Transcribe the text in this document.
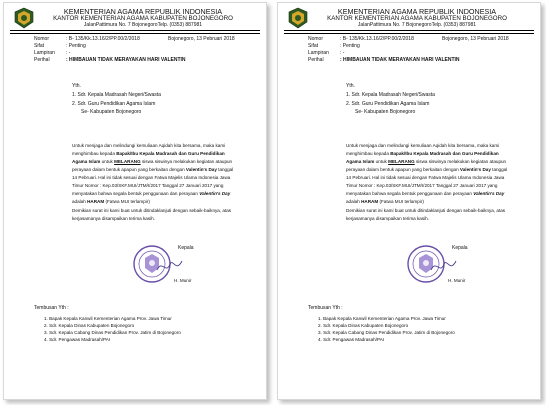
KEMENTERIAN AGAMA REPUBLIK INDONESIA

KANTOR KEMENTERIAN AGAMA KABUPATEN BOJONEGORO

JalanPattimura No. 7 BojonegoroTelp. (0353) 887981

Nomor	: B- 135/Kk.13.16/2/PP.00/2/2018	Bojonegoro, 13 Pebruari 2018

Sifat	: Penting

Lampiran : -

Perihal	: HIMBAUAN TIDAK MERAYAKAN HARI VALENTIN

Yth.

1. Sdr. Kepala Madrasah Negeri/Swasta

2. Sdr. Guru Pendidikan Agama Islam

Se- Kabupaten Bojonegoro

Untuk menjaga dan melindungi kemuliaan Aqidah kita bersama, maka kami

menghimbau kepada Bapak/Ibu Kepala Madrasah dan Guru Pendidikan

Agama Islam untuk MELARANG siswa siswinya melakukan kegiatan ataupun

perayaan dalam bentuk apapun yang berkaitan dengan Valentin's Day tanggal

14 Pebruari. Hal ini tidak sesuai dengan Fatwa Majelis Ulama Indonesia Jawa

Timur Nomor : Kep.03/SKF.MUI/JTM/I/2017 Tanggal 27 Januari 2017 yang

menyatakan bahwa segala bentuk penggunaan dan perayaan Valentin's Day

adalah HARAM (Fatwa MUI terlampir)

Demikian surat ini kami buat untuk ditindaklanjuti dengan sebaik-baiknya, atas

kerjasamanya disampaikan terima kasih.

Kepala

H. Munir

Tembusan Yth :

1. Bapak Kepala Kanwil Kementerian Agama Prov. Jawa Timur

2. Sdr. Kepala Dinas Kabupaten Bojonegoro

3. Sdr. Kepala Cabang Dinas Pendidikan Prov. Jatim di Bojonegoro

4. Sdr. Pengawas Madrasah/PAI

KEMENTERIAN AGAMA REPUBLIK INDONESIA

KANTOR KEMENTERIAN AGAMA KABUPATEN BOJONEGORO

JalanPattimura No. 7 BojonegoroTelp. (0353) 887981

Nomor	: B- 135/Kk.13.16/2/PP.00/2/2018	Bojonegoro, 13 Pebruari 2018

Sifat	: Penting

Lampiran : -

Perihal	: HIMBAUAN TIDAK MERAYAKAN HARI VALENTIN

Yth.

1. Sdr. Kepala Madrasah Negeri/Swasta

2. Sdr. Guru Pendidikan Agama Islam

Se- Kabupaten Bojonegoro

Untuk menjaga dan melindungi kemuliaan Aqidah kita bersama, maka kami

menghimbau kepada Bapak/Ibu Kepala Madrasah dan Guru Pendidikan

Agama Islam untuk MELARANG siswa siswinya melakukan kegiatan ataupun

perayaan dalam bentuk apapun yang berkaitan dengan Valentin's Day tanggal

14 Pebruari. Hal ini tidak sesuai dengan Fatwa Majelis Ulama Indonesia Jawa

Timur Nomor : Kep.03/SKF.MUI/JTM/I/2017 Tanggal 27 Januari 2017 yang

menyatakan bahwa segala bentuk penggunaan dan perayaan Valentin's Day

adalah HARAM (Fatwa MUI terlampir)

Demikian surat ini kami buat untuk ditindaklanjuti dengan sebaik-baiknya, atas

kerjasamanya disampaikan terima kasih.

Kepala

H. Munir

Tembusan Yth :

1. Bapak Kepala Kanwil Kementerian Agama Prov. Jawa Timur

2. Sdr. Kepala Dinas Kabupaten Bojonegoro

3. Sdr. Kepala Cabang Dinas Pendidikan Prov. Jatim di Bojonegoro

4. Sdr. Pengawas Madrasah/PAI
